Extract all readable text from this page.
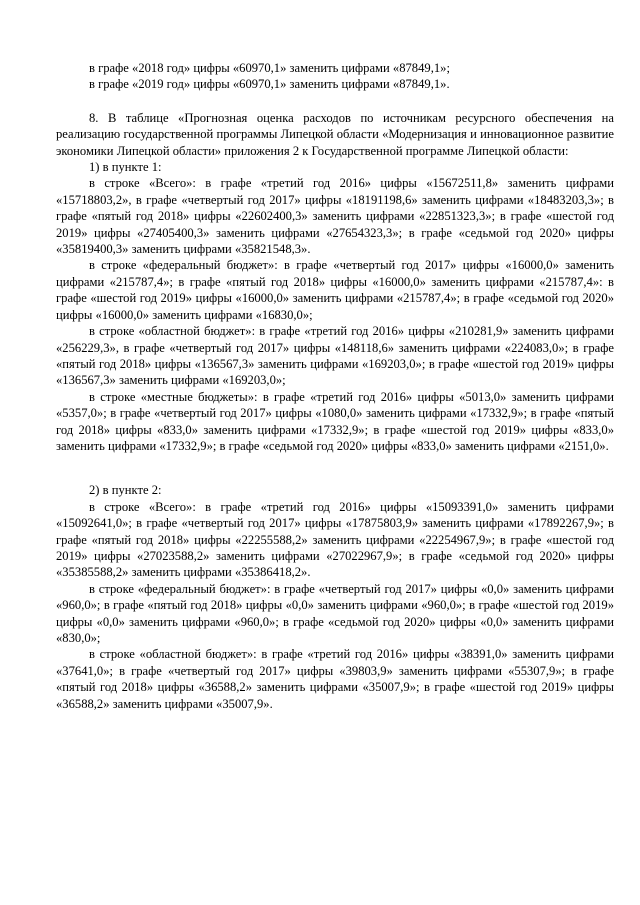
в графе «2018 год» цифры «60970,1» заменить цифрами «87849,1»;

в графе «2019 год» цифры «60970,1» заменить цифрами «87849,1».

8. В таблице «Прогнозная оценка расходов по источникам ресурсного обеспечения на реализацию государственной программы Липецкой области «Модернизация и инновационное развитие экономики Липецкой области» приложения 2 к Государственной программе Липецкой области:

1) в пункте 1:

в строке «Всего»: в графе «третий год 2016» цифры «15672511,8» заменить цифрами «15718803,2», в графе «четвертый год 2017» цифры «18191198,6» заменить цифрами «18483203,3»; в графе «пятый год 2018» цифры «22602400,3» заменить цифрами «22851323,3»; в графе «шестой год 2019» цифры «27405400,3» заменить цифрами «27654323,3»; в графе «седьмой год 2020» цифры «35819400,3» заменить цифрами «35821548,3».

в строке «федеральный бюджет»: в графе «четвертый год 2017» цифры «16000,0» заменить цифрами «215787,4»; в графе «пятый год 2018» цифры «16000,0» заменить цифрами «215787,4»: в графе «шестой год 2019» цифры «16000,0» заменить цифрами «215787,4»; в графе «седьмой год 2020» цифры «16000,0» заменить цифрами «16830,0»;

в строке «областной бюджет»: в графе «третий год 2016» цифры «210281,9» заменить цифрами «256229,3», в графе «четвертый год 2017» цифры «148118,6» заменить цифрами «224083,0»; в графе «пятый год 2018» цифры «136567,3» заменить цифрами «169203,0»; в графе «шестой год 2019» цифры «136567,3» заменить цифрами «169203,0»;

в строке «местные бюджеты»: в графе «третий год 2016» цифры «5013,0» заменить цифрами «5357,0»; в графе «четвертый год 2017» цифры «1080,0» заменить цифрами «17332,9»; в графе «пятый год 2018» цифры «833,0» заменить цифрами «17332,9»; в графе «шестой год 2019» цифры «833,0» заменить цифрами «17332,9»; в графе «седьмой год 2020» цифры «833,0» заменить цифрами «2151,0».

2) в пункте 2:

в строке «Всего»: в графе «третий год 2016» цифры «15093391,0» заменить цифрами «15092641,0»; в графе «четвертый год 2017» цифры «17875803,9» заменить цифрами «17892267,9»; в графе «пятый год 2018» цифры «22255588,2» заменить цифрами «22254967,9»; в графе «шестой год 2019» цифры «27023588,2» заменить цифрами «27022967,9»; в графе «седьмой год 2020» цифры «35385588,2» заменить цифрами «35386418,2».

в строке «федеральный бюджет»: в графе «четвертый год 2017» цифры «0,0» заменить цифрами «960,0»; в графе «пятый год 2018» цифры «0,0» заменить цифрами «960,0»; в графе «шестой год 2019» цифры «0,0» заменить цифрами «960,0»; в графе «седьмой год 2020» цифры «0,0» заменить цифрами «830,0»;

в строке «областной бюджет»: в графе «третий год 2016» цифры «38391,0» заменить цифрами «37641,0»; в графе «четвертый год 2017» цифры «39803,9» заменить цифрами «55307,9»; в графе «пятый год 2018» цифры «36588,2» заменить цифрами «35007,9»; в графе «шестой год 2019» цифры «36588,2» заменить цифрами «35007,9».
